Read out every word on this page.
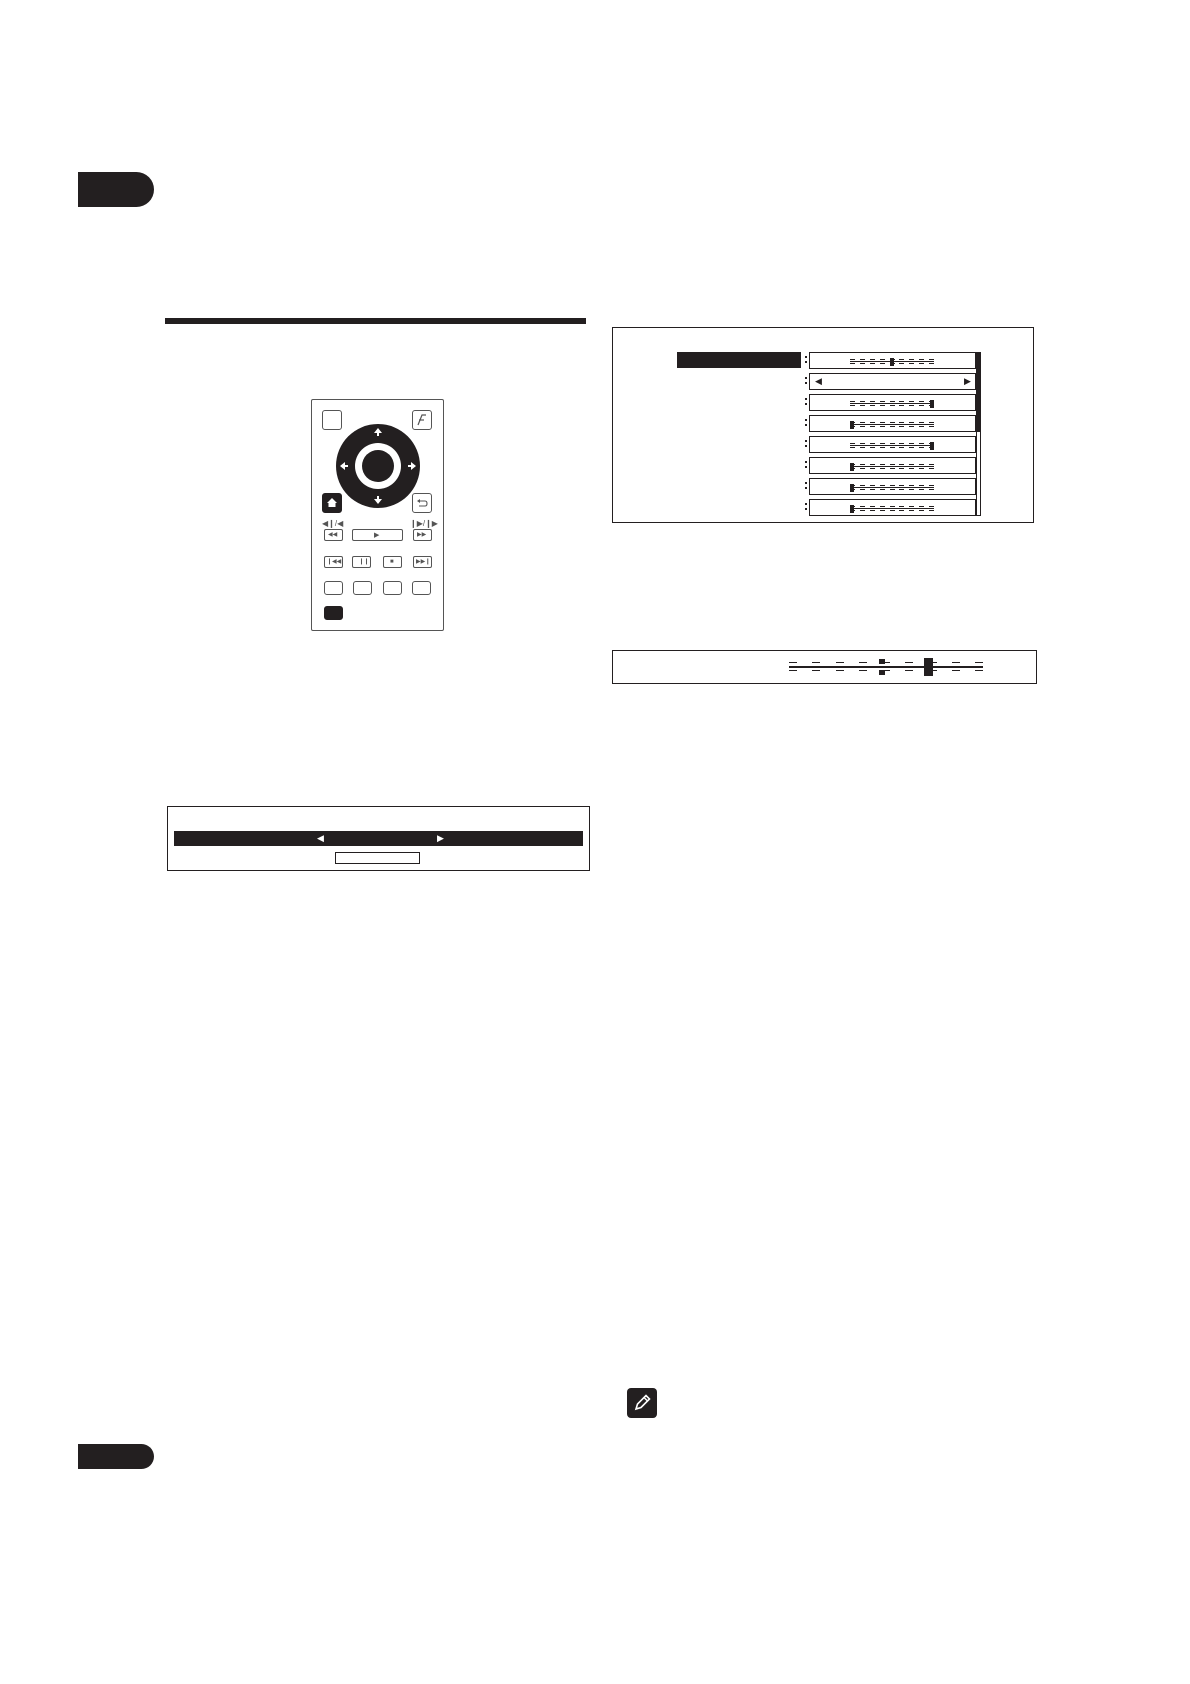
◀❙/◀	❙▶/❙▶
◀◀	▶	▶▶
❙◀◀	❙❙	■	▶▶❙
◀	▶
◀	▶
